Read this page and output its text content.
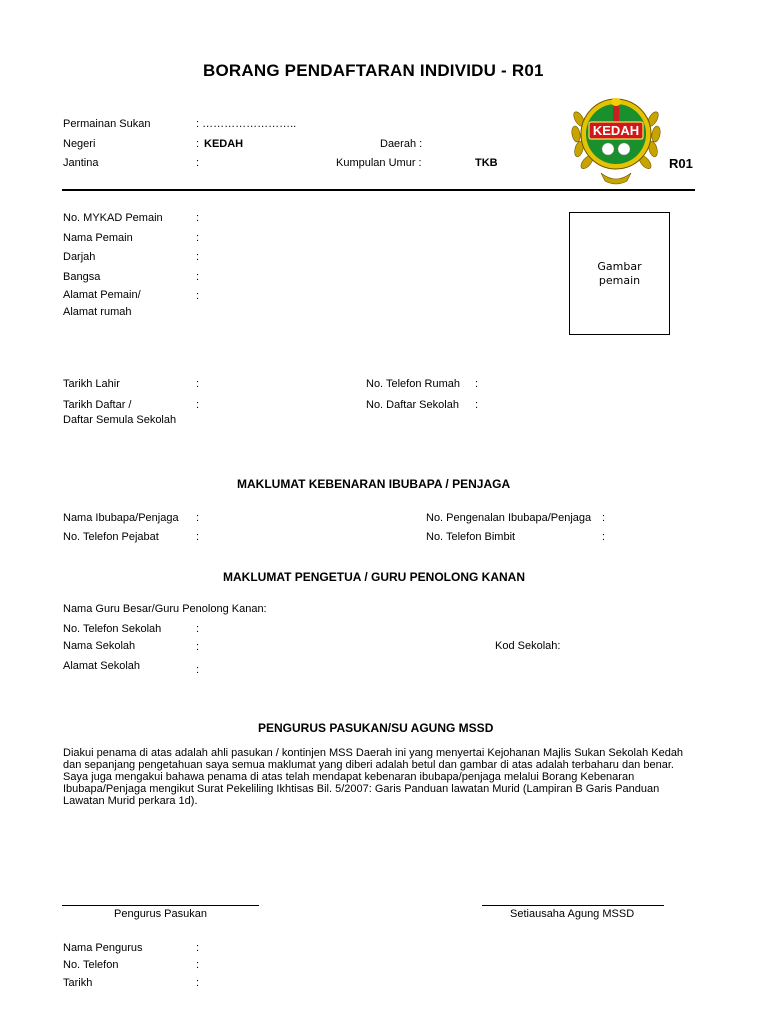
BORANG PENDAFTARAN INDIVIDU - R01
KEDAH
R01
Permainan Sukan	: ……………………..
Negeri	: KEDAH	Daerah :
Jantina	:	Kumpulan Umur :	TKB
No. MYKAD Pemain	:
Nama Pemain	:
Darjah	:
Bangsa	:
Alamat Pemain/
Alamat rumah
:
Gambar
pemain
Tarikh Lahir	:	No. Telefon Rumah :
Tarikh Daftar /
Daftar Semula Sekolah
:	No. Daftar Sekolah :
MAKLUMAT KEBENARAN IBUBAPA / PENJAGA
Nama Ibubapa/Penjaga :	No. Pengenalan Ibubapa/Penjaga :
No. Telefon Pejabat	:	No. Telefon Bimbit	:
MAKLUMAT PENGETUA / GURU PENOLONG KANAN
Nama Guru Besar/Guru Penolong Kanan:
No. Telefon Sekolah	:
Nama Sekolah	:	Kod Sekolah:
Alamat Sekolah	:
PENGURUS PASUKAN/SU AGUNG MSSD
Diakui penama di atas adalah ahli pasukan / kontinjen MSS Daerah ini yang menyertai Kejohanan Majlis Sukan Sekolah Kedah dan sepanjang pengetahuan saya semua maklumat yang diberi adalah betul dan gambar di atas adalah terbaharu dan benar. Saya juga mengakui bahawa penama di atas telah mendapat kebenaran ibubapa/penjaga melalui Borang Kebenaran Ibubapa/Penjaga mengikut Surat Pekeliling Ikhtisas Bil. 5/2007: Garis Panduan lawatan Murid (Lampiran B Garis Panduan Lawatan Murid perkara 1d).
Pengurus Pasukan	Setiausaha Agung MSSD
Nama Pengurus	:
No. Telefon	:
Tarikh	:
